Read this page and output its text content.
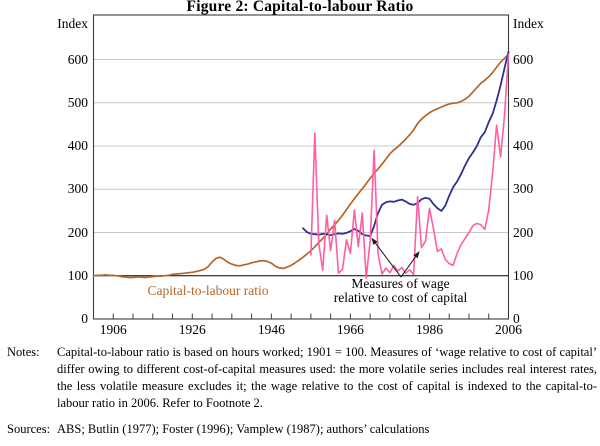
Figure 2: Capital-to-labour Ratio
Index	Index
0	0
100	100
200	200
300	300
400	400
500	500
600	600
1906	1926	1946	1966	1986	2006
Capital-to-labour ratio	Measures of wage
relative to cost of capital
Notes: Capital-to-labour ratio is based on hours worked; 1901 = 100. Measures of ‘wage relative to cost of capital’ differ owing to different cost-of-capital measures used: the more volatile series includes real interest rates, the less volatile measure excludes it; the wage relative to the cost of capital is indexed to the capital-to-labour ratio in 2006. Refer to Footnote 2.
Sources: ABS; Butlin (1977); Foster (1996); Vamplew (1987); authors’ calculations
